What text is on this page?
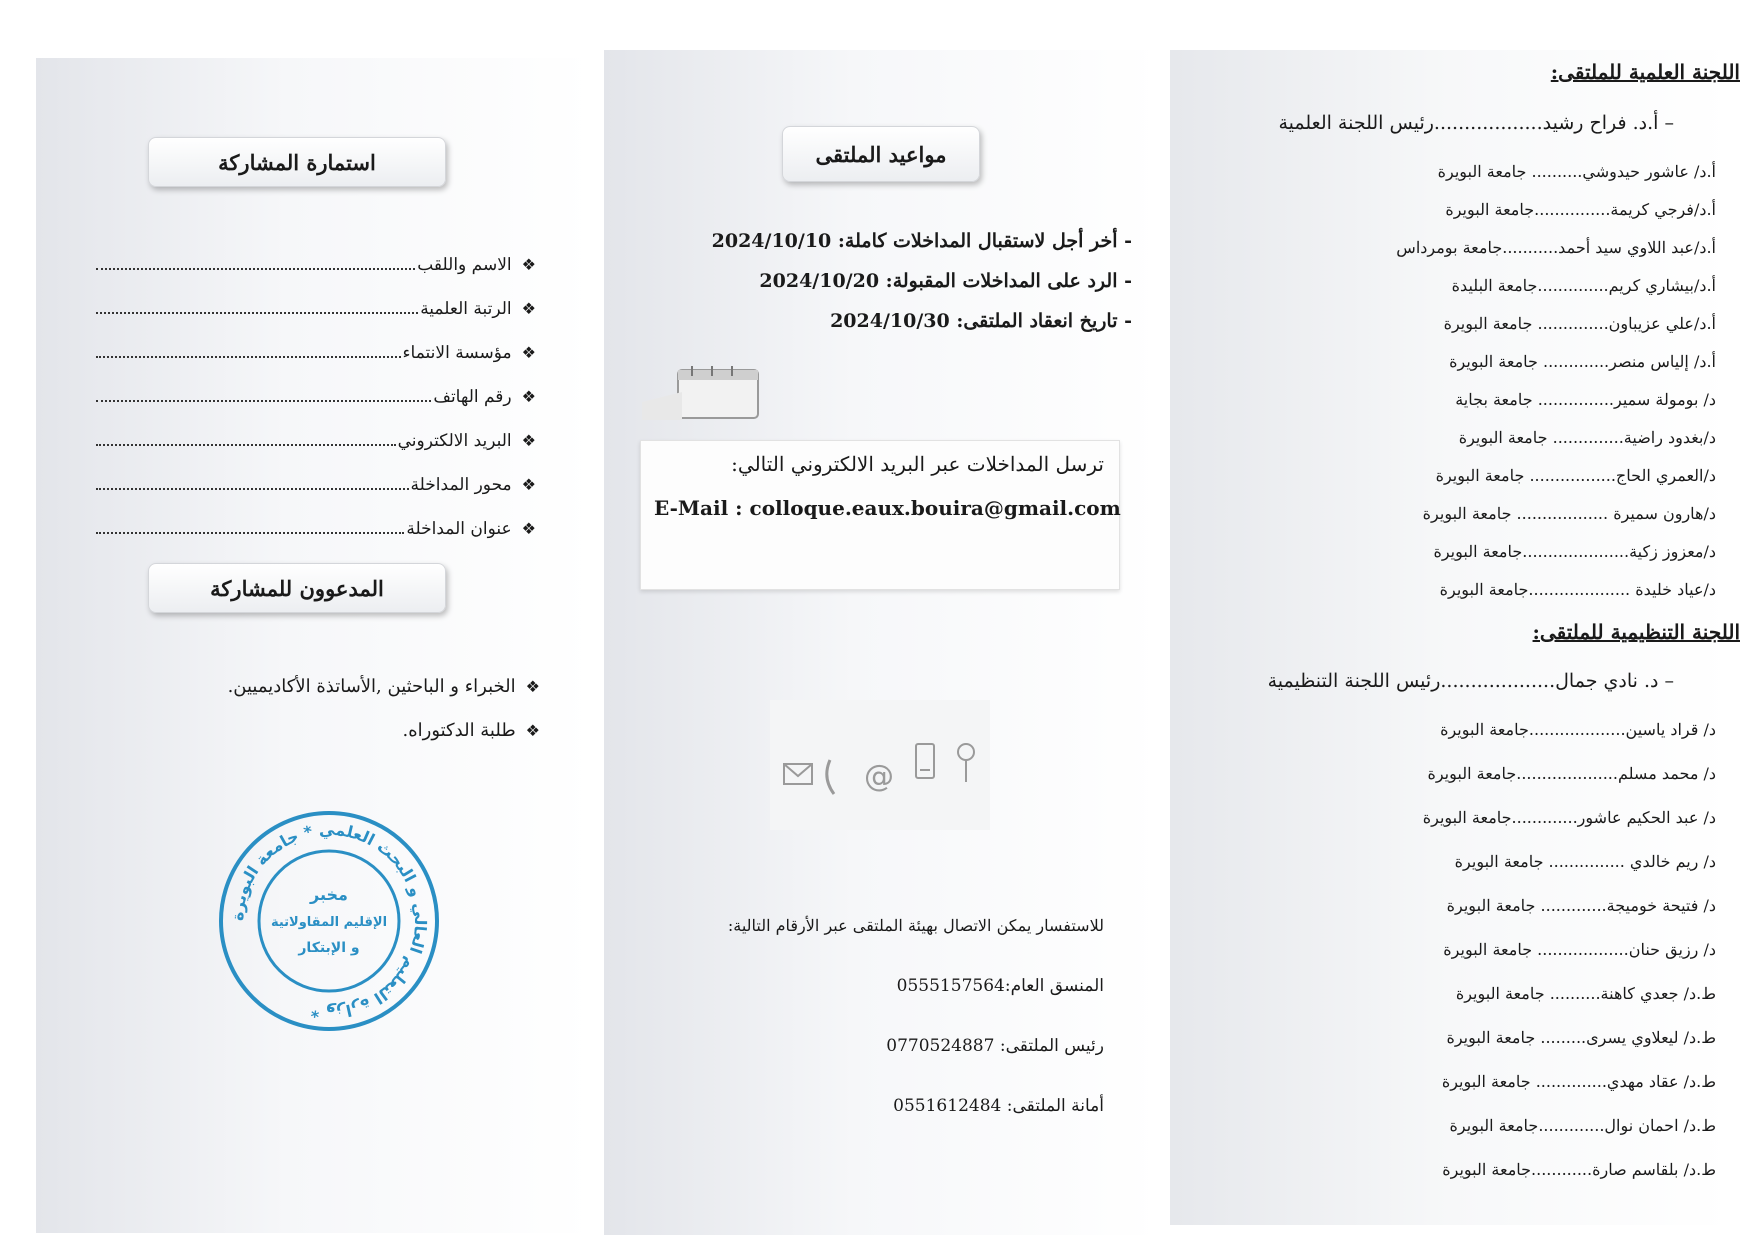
استمارة المشاركة
❖
الاسم واللقب
❖
الرتبة العلمية
❖
مؤسسة الانتماء
❖
رقم الهاتف
❖
البريد الالكتروني
❖
محور المداخلة
❖
عنوان المداخلة
المدعوون للمشاركة
❖الخبراء و الباحثين ,الأساتذة الأكاديميين.
❖طلبة الدكتوراه.
وزارة التعليم العالي و البحث العلمي * جامعة البويرة *
مخبر
الإقليم المقاولاتية
و الإبتكار
مواعيد الملتقى
- أخر أجل لاستقبال المداخلات كاملة: 2024/10/10
- الرد على المداخلات المقبولة: 2024/10/20
- تاريخ انعقاد الملتقى: 2024/10/30
ترسل المداخلات عبر البريد الالكتروني التالي:
E-Mail : colloque.eaux.bouira@gmail.com
@
للاستفسار يمكن الاتصال بهيئة الملتقى عبر الأرقام التالية:
المنسق العام:0555157564
رئيس الملتقى: 0770524887
أمانة الملتقى: 0551612484
اللجنة العلمية للملتقى:
– أ.د. فراح رشيد..................رئيس اللجنة العلمية
أ.د/ عاشور حيدوشي.......... جامعة البويرة
أ.د/فرجي كريمة...............جامعة البويرة
أ.د/عبد اللاوي سيد أحمد...........جامعة بومرداس
أ.د/بيشاري كريم..............جامعة البليدة
أ.د/علي عزيباون.............. جامعة البويرة
أ.د/ إلياس منصر............. جامعة البويرة
د/ بومولة سمير............... جامعة بجاية
د/بغدود راضية.............. جامعة البويرة
د/العمري الحاج................. جامعة البويرة
د/هارون سميرة .................. جامعة البويرة
د/معزوز زكية.....................جامعة البويرة
د/عياد خليدة ....................جامعة البويرة
اللجنة التنظيمية للملتقى:
– د. نادي جمال...................رئيس اللجنة التنظيمية
د/ قراد ياسين...................جامعة البويرة
د/ محمد مسلم....................جامعة البويرة
د/ عبد الحكيم عاشور.............جامعة البويرة
د/ ريم خالدي ............... جامعة البويرة
د/ فتيحة خوميجة............. جامعة البويرة
د/ رزيق حنان.................. جامعة البويرة
ط.د/ جعدي كاهنة.......... جامعة البويرة
ط.د/ ليعلاوي يسرى......... جامعة البويرة
ط.د/ عقاد مهدي.............. جامعة البويرة
ط.د/ احمان نوال.............جامعة البويرة
ط.د/ بلقاسم صارة............جامعة البويرة
